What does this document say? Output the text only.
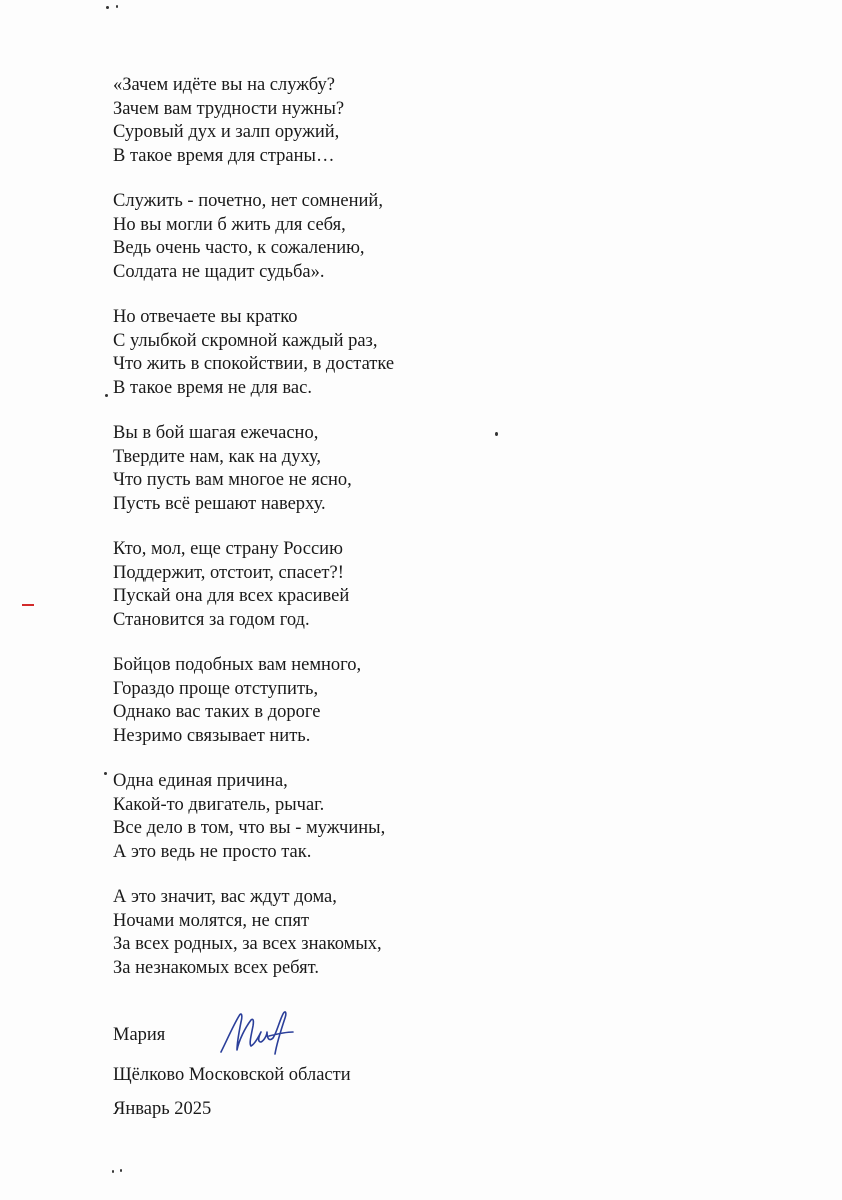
«Зачем идёте вы на службу?
Зачем вам трудности нужны?
Суровый дух и залп оружий,
В такое время для страны…
Служить - почетно, нет сомнений,
Но вы могли б жить для себя,
Ведь очень часто, к сожалению,
Солдата не щадит судьба».
Но отвечаете вы кратко
С улыбкой скромной каждый раз,
Что жить в спокойствии, в достатке
В такое время не для вас.
Вы в бой шагая ежечасно,
Твердите нам, как на духу,
Что пусть вам многое не ясно,
Пусть всё решают наверху.
Кто, мол, еще страну Россию
Поддержит, отстоит, спасет?!
Пускай она для всех красивей
Становится за годом год.
Бойцов подобных вам немного,
Гораздо проще отступить,
Однако вас таких в дороге
Незримо связывает нить.
Одна единая причина,
Какой-то двигатель, рычаг.
Все дело в том, что вы - мужчины,
А это ведь не просто так.
А это значит, вас ждут дома,
Ночами молятся, не спят
За всех родных, за всех знакомых,
За незнакомых всех ребят.
Мария
Щёлково Московской области
Январь 2025
